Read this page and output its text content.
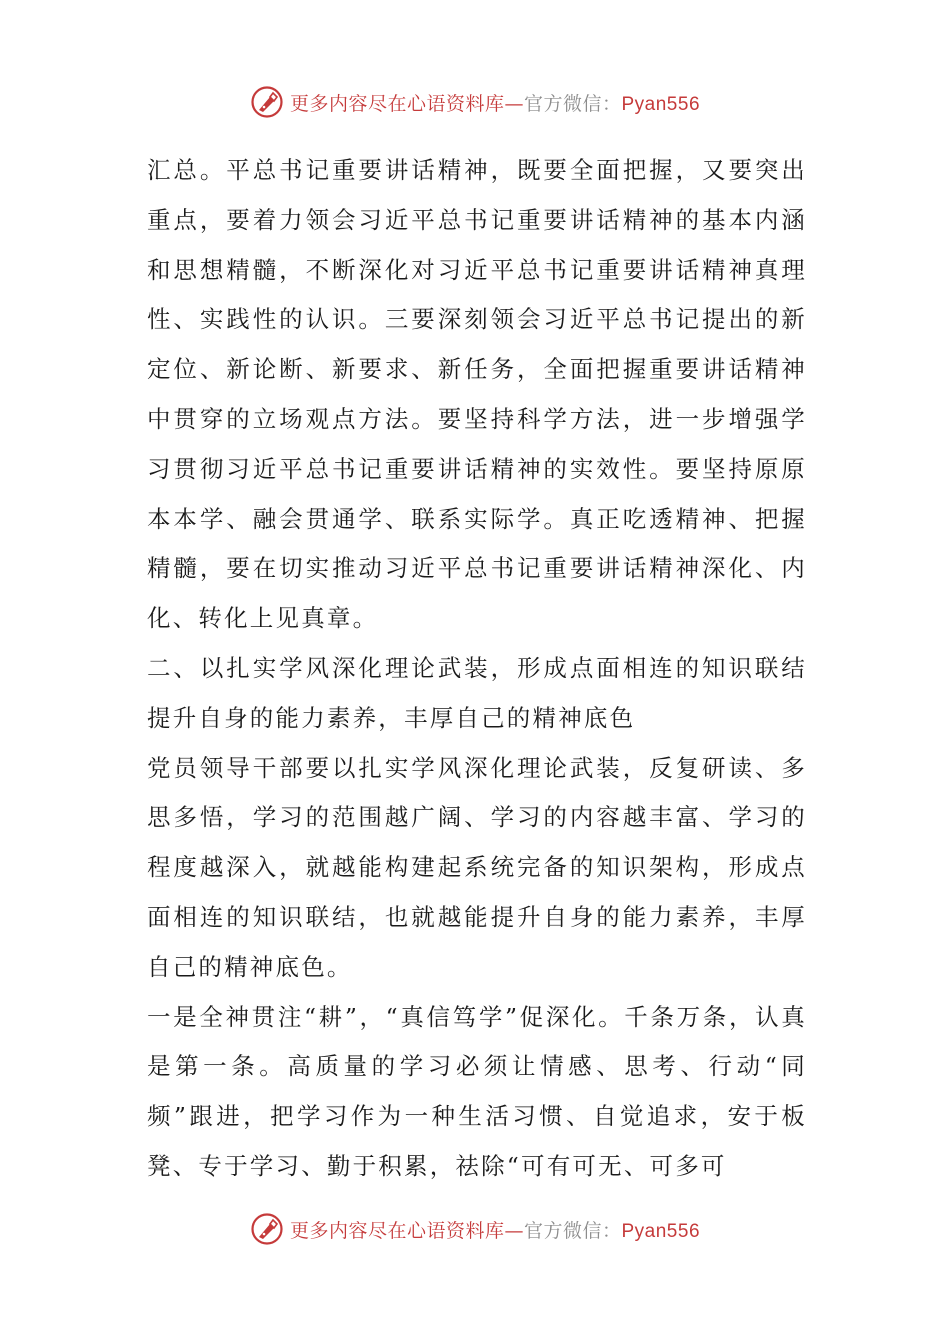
更多内容尽在心语资料库—官方微信：Pyan556

汇总。平总书记重要讲话精神，既要全面把握，又要突出重点，要着力领会习近平总书记重要讲话精神的基本内涵和思想精髓，不断深化对习近平总书记重要讲话精神真理性、实践性的认识。三要深刻领会习近平总书记提出的新定位、新论断、新要求、新任务，全面把握重要讲话精神中贯穿的立场观点方法。要坚持科学方法，进一步增强学习贯彻习近平总书记重要讲话精神的实效性。要坚持原原本本学、融会贯通学、联系实际学。真正吃透精神、把握精髓，要在切实推动习近平总书记重要讲话精神深化、内化、转化上见真章。

二、以扎实学风深化理论武装，形成点面相连的知识联结提升自身的能力素养，丰厚自己的精神底色

党员领导干部要以扎实学风深化理论武装，反复研读、多思多悟，学习的范围越广阔、学习的内容越丰富、学习的程度越深入，就越能构建起系统完备的知识架构，形成点面相连的知识联结，也就越能提升自身的能力素养，丰厚自己的精神底色。

一是全神贯注“耕”，“真信笃学”促深化。千条万条，认真是第一条。高质量的学习必须让情感、思考、行动“同频”跟进，把学习作为一种生活习惯、自觉追求，安于板凳、专于学习、勤于积累，祛除“可有可无、可多可

更多内容尽在心语资料库—官方微信：Pyan556
